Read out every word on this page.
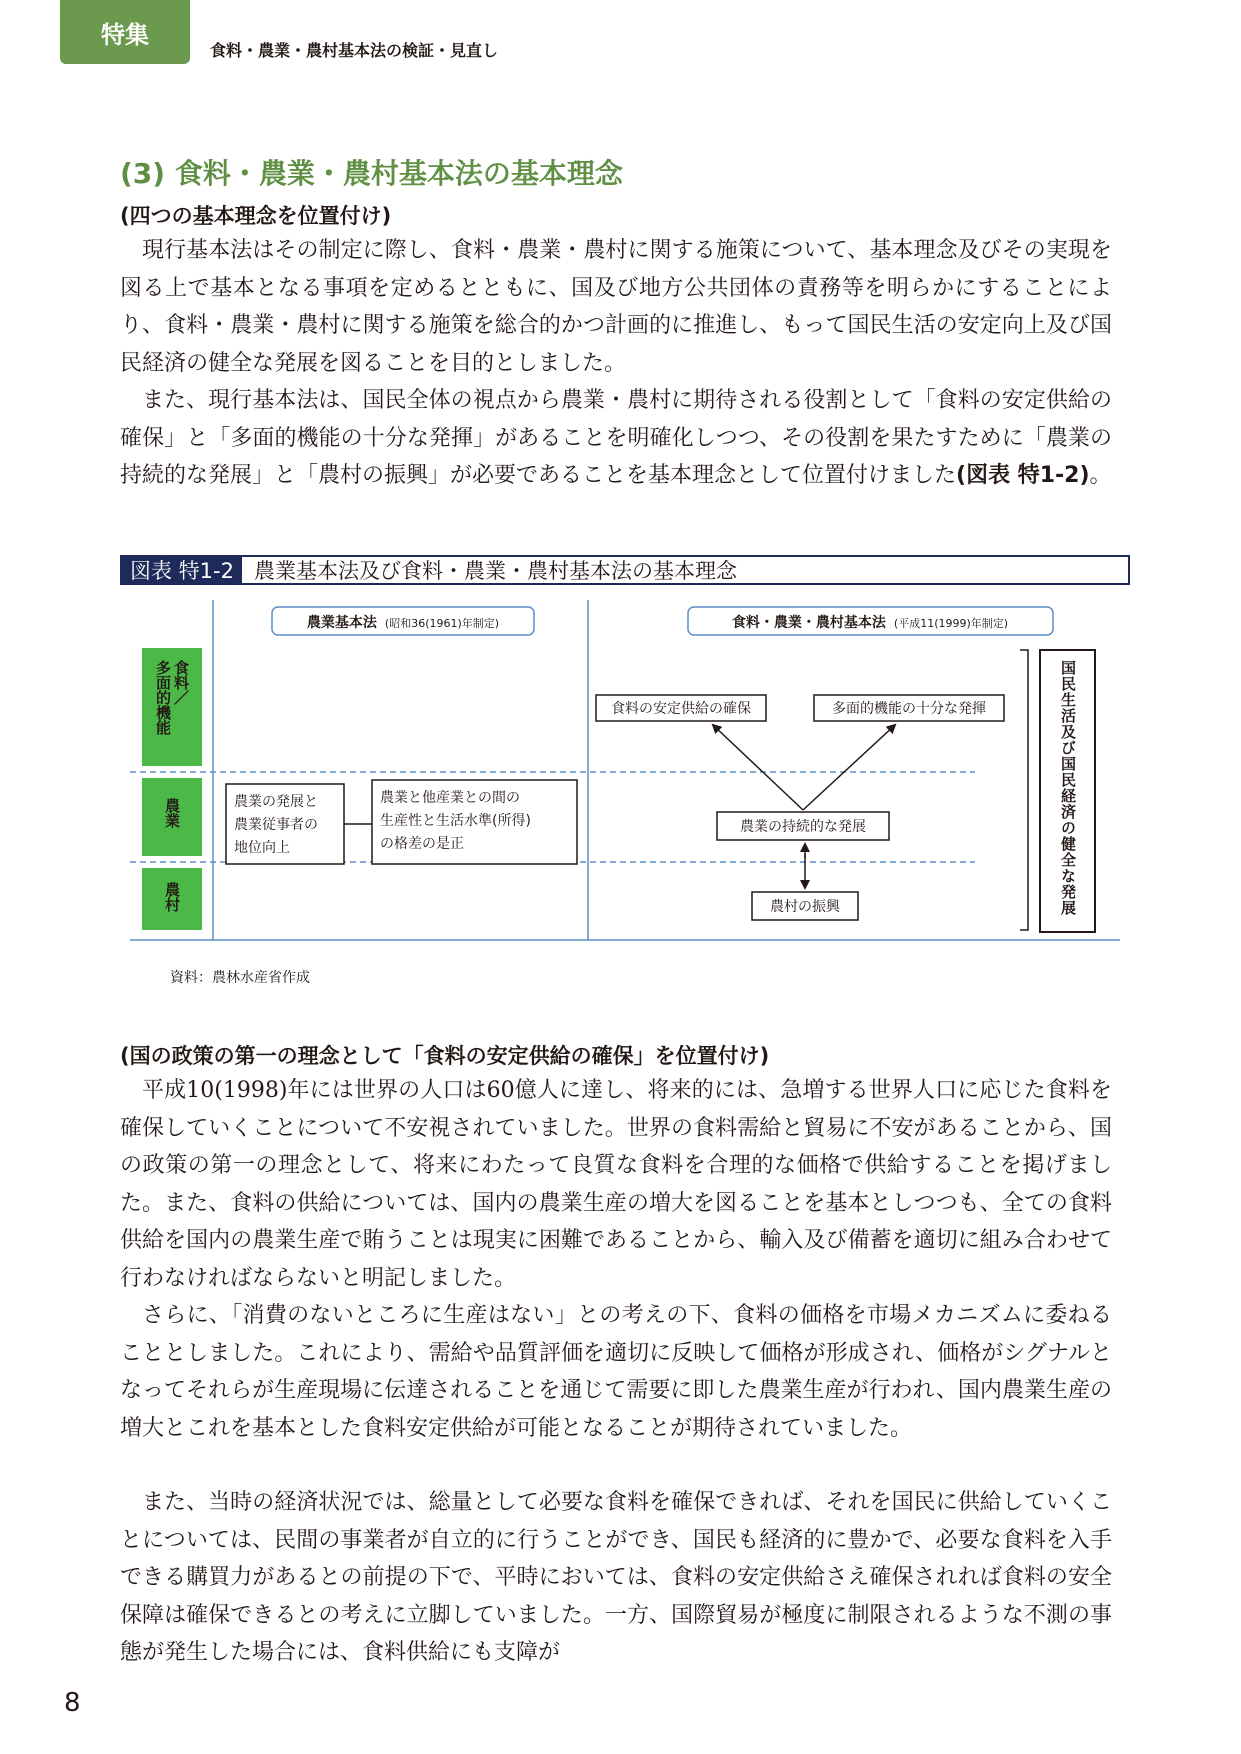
特集
食料・農業・農村基本法の検証・見直し
(3) 食料・農業・農村基本法の基本理念
(四つの基本理念を位置付け)

現行基本法はその制定に際し、食料・農業・農村に関する施策について、基本理念及びその実現を図る上で基本となる事項を定めるとともに、国及び地方公共団体の責務等を明らかにすることにより、食料・農業・農村に関する施策を総合的かつ計画的に推進し、もって国民生活の安定向上及び国民経済の健全な発展を図ることを目的としました。

また、現行基本法は、国民全体の視点から農業・農村に期待される役割として「食料の安定供給の確保」と「多面的機能の十分な発揮」があることを明確化しつつ、その役割を果たすために「農業の持続的な発展」と「農村の振興」が必要であることを基本理念として位置付けました(図表 特1-2)。

図表 特1-2 農業基本法及び食料・農業・農村基本法の基本理念
農業基本法 (昭和36(1961)年制定)	食料・農業・農村基本法 (平成11(1999)年制定)
食料／
多面的機能
農業
農村
農業の発展と農業従事者の地位向上
農業と他産業との間の生産性と生活水準(所得)の格差の是正
食料の安定供給の確保	多面的機能の十分な発揮
農業の持続的な発展
農村の振興	国民生活及び国民経済の健全な発展
資料：農林水産省作成
(国の政策の第一の理念として「食料の安定供給の確保」を位置付け)

平成10(1998)年には世界の人口は60億人に達し、将来的には、急増する世界人口に応じた食料を確保していくことについて不安視されていました。世界の食料需給と貿易に不安があることから、国の政策の第一の理念として、将来にわたって良質な食料を合理的な価格で供給することを掲げました。また、食料の供給については、国内の農業生産の増大を図ることを基本としつつも、全ての食料供給を国内の農業生産で賄うことは現実に困難であることから、輸入及び備蓄を適切に組み合わせて行わなければならないと明記しました。

さらに、「消費のないところに生産はない」との考えの下、食料の価格を市場メカニズムに委ねることとしました。これにより、需給や品質評価を適切に反映して価格が形成され、価格がシグナルとなってそれらが生産現場に伝達されることを通じて需要に即した農業生産が行われ、国内農業生産の増大とこれを基本とした食料安定供給が可能となることが期待されていました。

また、当時の経済状況では、総量として必要な食料を確保できれば、それを国民に供給していくことについては、民間の事業者が自立的に行うことができ、国民も経済的に豊かで、必要な食料を入手できる購買力があるとの前提の下で、平時においては、食料の安定供給さえ確保されれば食料の安全保障は確保できるとの考えに立脚していました。一方、国際貿易が極度に制限されるような不測の事態が発生した場合には、食料供給にも支障が

8
